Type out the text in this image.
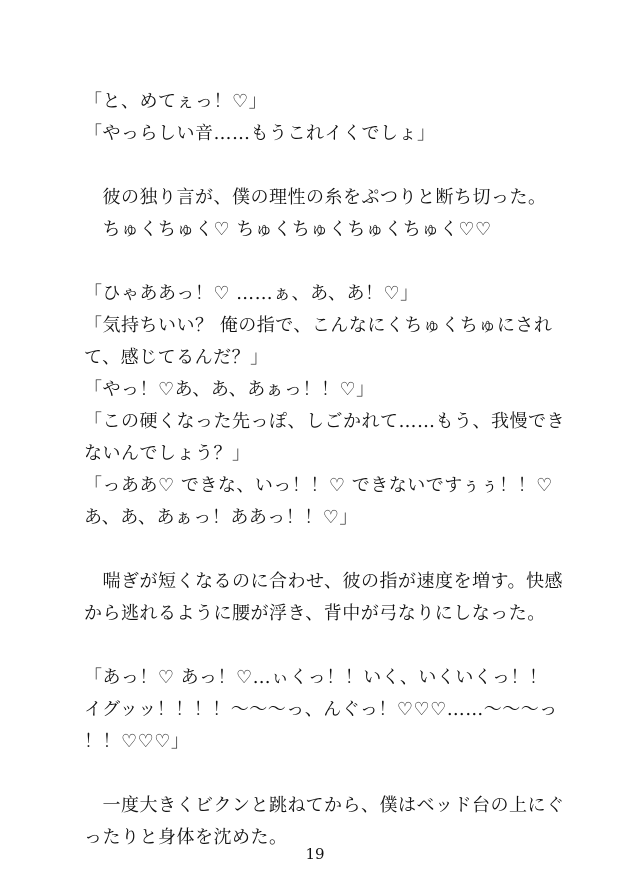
「と、めてぇっ！♡」
「やっらしい音……もうこれイくでしょ」
　彼の独り言が、僕の理性の糸をぷつりと断ち切った。
　ちゅくちゅく♡ ちゅくちゅくちゅくちゅく♡♡
「ひゃああっ！♡ ……ぁ、あ、あ！♡」
「気持ちいい？ 俺の指で、こんなにくちゅくちゅにされ
て、感じてるんだ？」
「やっ！♡あ、あ、あぁっ！！♡」
「この硬くなった先っぽ、しごかれて……もう、我慢でき
ないんでしょう？」
「っああ♡ できな、いっ！！♡ できないですぅぅ！！♡
あ、あ、あぁっ！ああっ！！♡」
　喘ぎが短くなるのに合わせ、彼の指が速度を増す。快感
から逃れるように腰が浮き、背中が弓なりにしなった。
「あっ！♡ あっ！♡…ぃくっ！！いく、いくいくっ！！
イグッッ！！！！〜〜〜っ、んぐっ！♡♡♡……〜〜〜っ
！！♡♡♡」
　一度大きくビクンと跳ねてから、僕はベッド台の上にぐ
ったりと身体を沈めた。
19
